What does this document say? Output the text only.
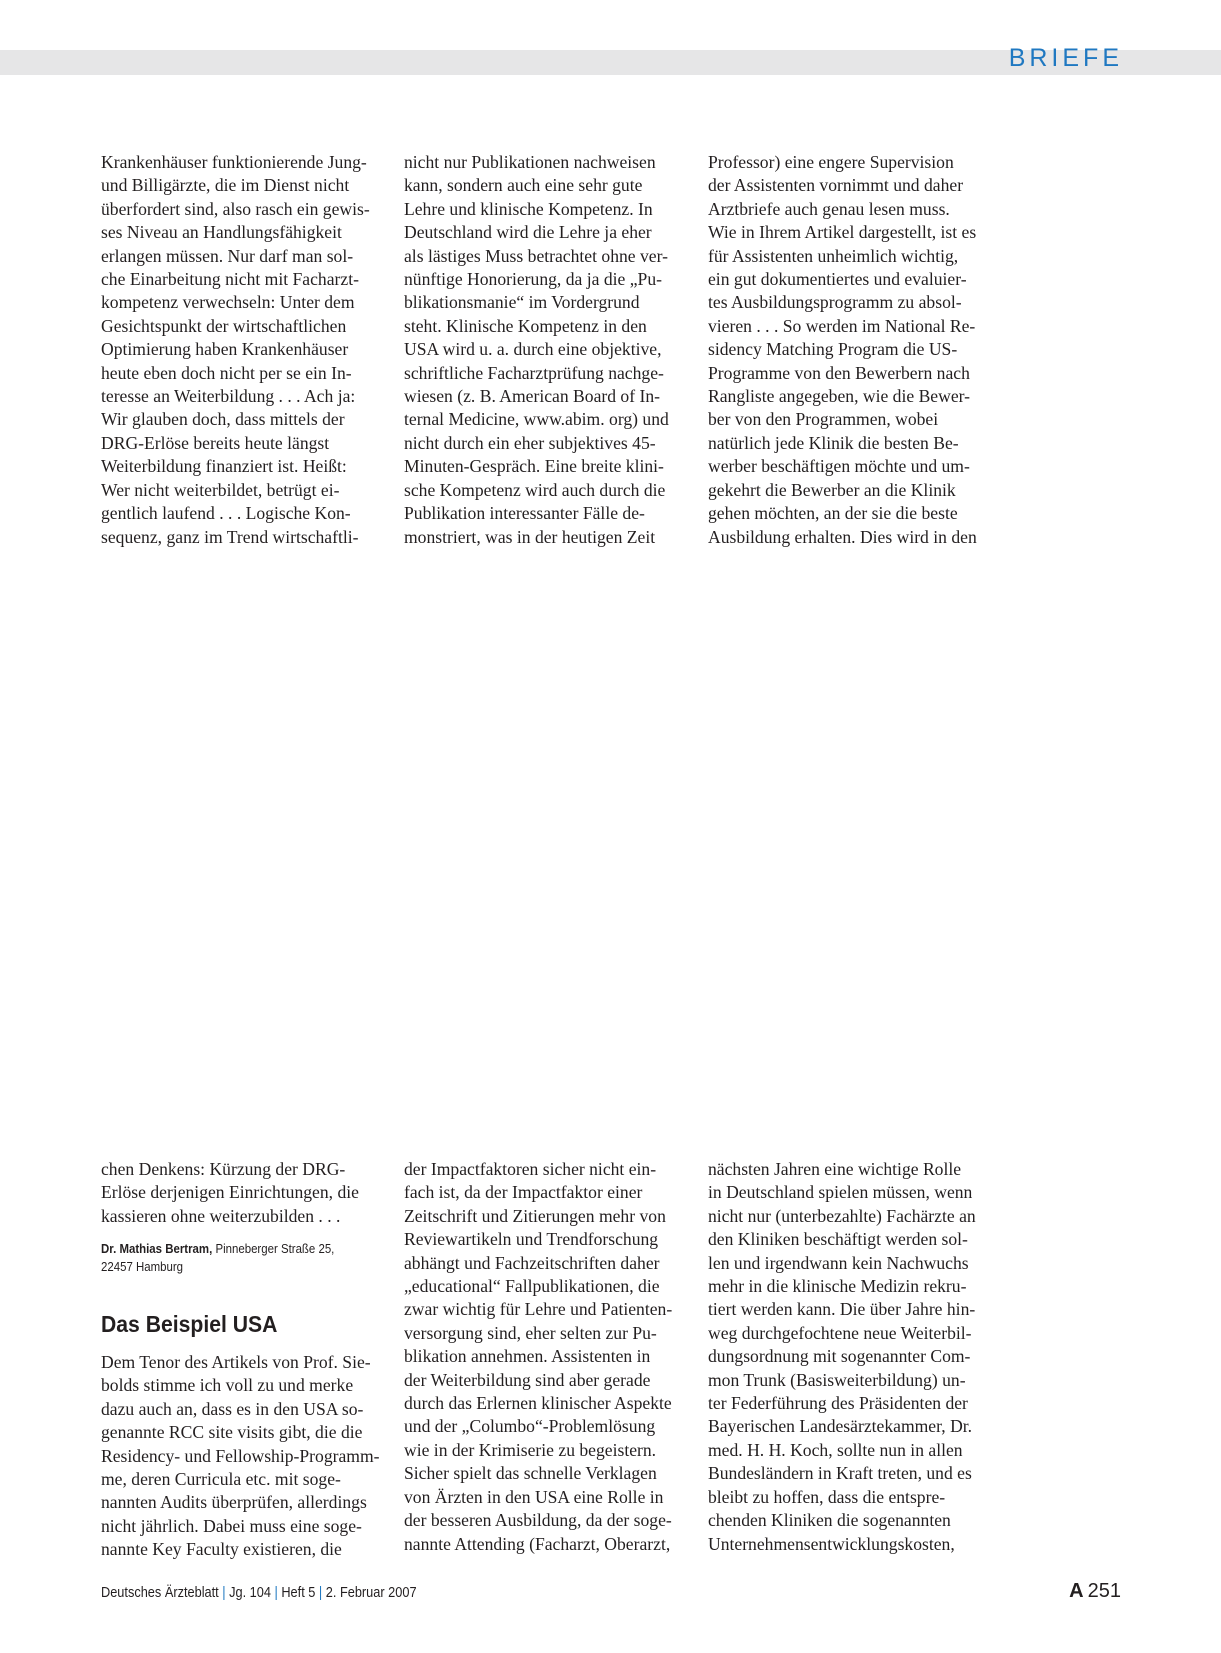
BRIEFE

Krankenhäuser funktionierende Jung-
und Billigärzte, die im Dienst nicht
überfordert sind, also rasch ein gewis-
ses Niveau an Handlungsfähigkeit
erlangen müssen. Nur darf man sol-
che Einarbeitung nicht mit Facharzt-
kompetenz verwechseln: Unter dem
Gesichtspunkt der wirtschaftlichen
Optimierung haben Krankenhäuser
heute eben doch nicht per se ein In-
teresse an Weiterbildung . . . Ach ja:
Wir glauben doch, dass mittels der
DRG-Erlöse bereits heute längst
Weiterbildung finanziert ist. Heißt:
Wer nicht weiterbildet, betrügt ei-
gentlich laufend . . . Logische Kon-
sequenz, ganz im Trend wirtschaftli-

nicht nur Publikationen nachweisen
kann, sondern auch eine sehr gute
Lehre und klinische Kompetenz. In
Deutschland wird die Lehre ja eher
als lästiges Muss betrachtet ohne ver-
nünftige Honorierung, da ja die „Pu-
blikationsmanie“ im Vordergrund
steht. Klinische Kompetenz in den
USA wird u. a. durch eine objektive,
schriftliche Facharztprüfung nachge-
wiesen (z. B. American Board of In-
ternal Medicine, www.abim. org) und
nicht durch ein eher subjektives 45-
Minuten-Gespräch. Eine breite klini-
sche Kompetenz wird auch durch die
Publikation interessanter Fälle de-
monstriert, was in der heutigen Zeit

Professor) eine engere Supervision
der Assistenten vornimmt und daher
Arztbriefe auch genau lesen muss.
Wie in Ihrem Artikel dargestellt, ist es
für Assistenten unheimlich wichtig,
ein gut dokumentiertes und evaluier-
tes Ausbildungsprogramm zu absol-
vieren . . . So werden im National Re-
sidency Matching Program die US-
Programme von den Bewerbern nach
Rangliste angegeben, wie die Bewer-
ber von den Programmen, wobei
natürlich jede Klinik die besten Be-
werber beschäftigen möchte und um-
gekehrt die Bewerber an die Klinik
gehen möchten, an der sie die beste
Ausbildung erhalten. Dies wird in den

chen Denkens: Kürzung der DRG-
Erlöse derjenigen Einrichtungen, die
kassieren ohne weiterzubilden . . .

Dr. Mathias Bertram, Pinneberger Straße 25,
22457 Hamburg

Das Beispiel USA

Dem Tenor des Artikels von Prof. Sie-
bolds stimme ich voll zu und merke
dazu auch an, dass es in den USA so-
genannte RCC site visits gibt, die die
Residency- und Fellowship-Programm-
me, deren Curricula etc. mit soge-
nannten Audits überprüfen, allerdings
nicht jährlich. Dabei muss eine soge-
nannte Key Faculty existieren, die

der Impactfaktoren sicher nicht ein-
fach ist, da der Impactfaktor einer
Zeitschrift und Zitierungen mehr von
Reviewartikeln und Trendforschung
abhängt und Fachzeitschriften daher
„educational“ Fallpublikationen, die
zwar wichtig für Lehre und Patienten-
versorgung sind, eher selten zur Pu-
blikation annehmen. Assistenten in
der Weiterbildung sind aber gerade
durch das Erlernen klinischer Aspekte
und der „Columbo“-Problemlösung
wie in der Krimiserie zu begeistern.
Sicher spielt das schnelle Verklagen
von Ärzten in den USA eine Rolle in
der besseren Ausbildung, da der soge-
nannte Attending (Facharzt, Oberarzt,

nächsten Jahren eine wichtige Rolle
in Deutschland spielen müssen, wenn
nicht nur (unterbezahlte) Fachärzte an
den Kliniken beschäftigt werden sol-
len und irgendwann kein Nachwuchs
mehr in die klinische Medizin rekru-
tiert werden kann. Die über Jahre hin-
weg durchgefochtene neue Weiterbil-
dungsordnung mit sogenannter Com-
mon Trunk (Basisweiterbildung) un-
ter Federführung des Präsidenten der
Bayerischen Landesärztekammer, Dr.
med. H. H. Koch, sollte nun in allen
Bundesländern in Kraft treten, und es
bleibt zu hoffen, dass die entspre-
chenden Kliniken die sogenannten
Unternehmensentwicklungskosten,

Deutsches Ärzteblatt | Jg. 104 | Heft 5 | 2. Februar 2007	A 251
